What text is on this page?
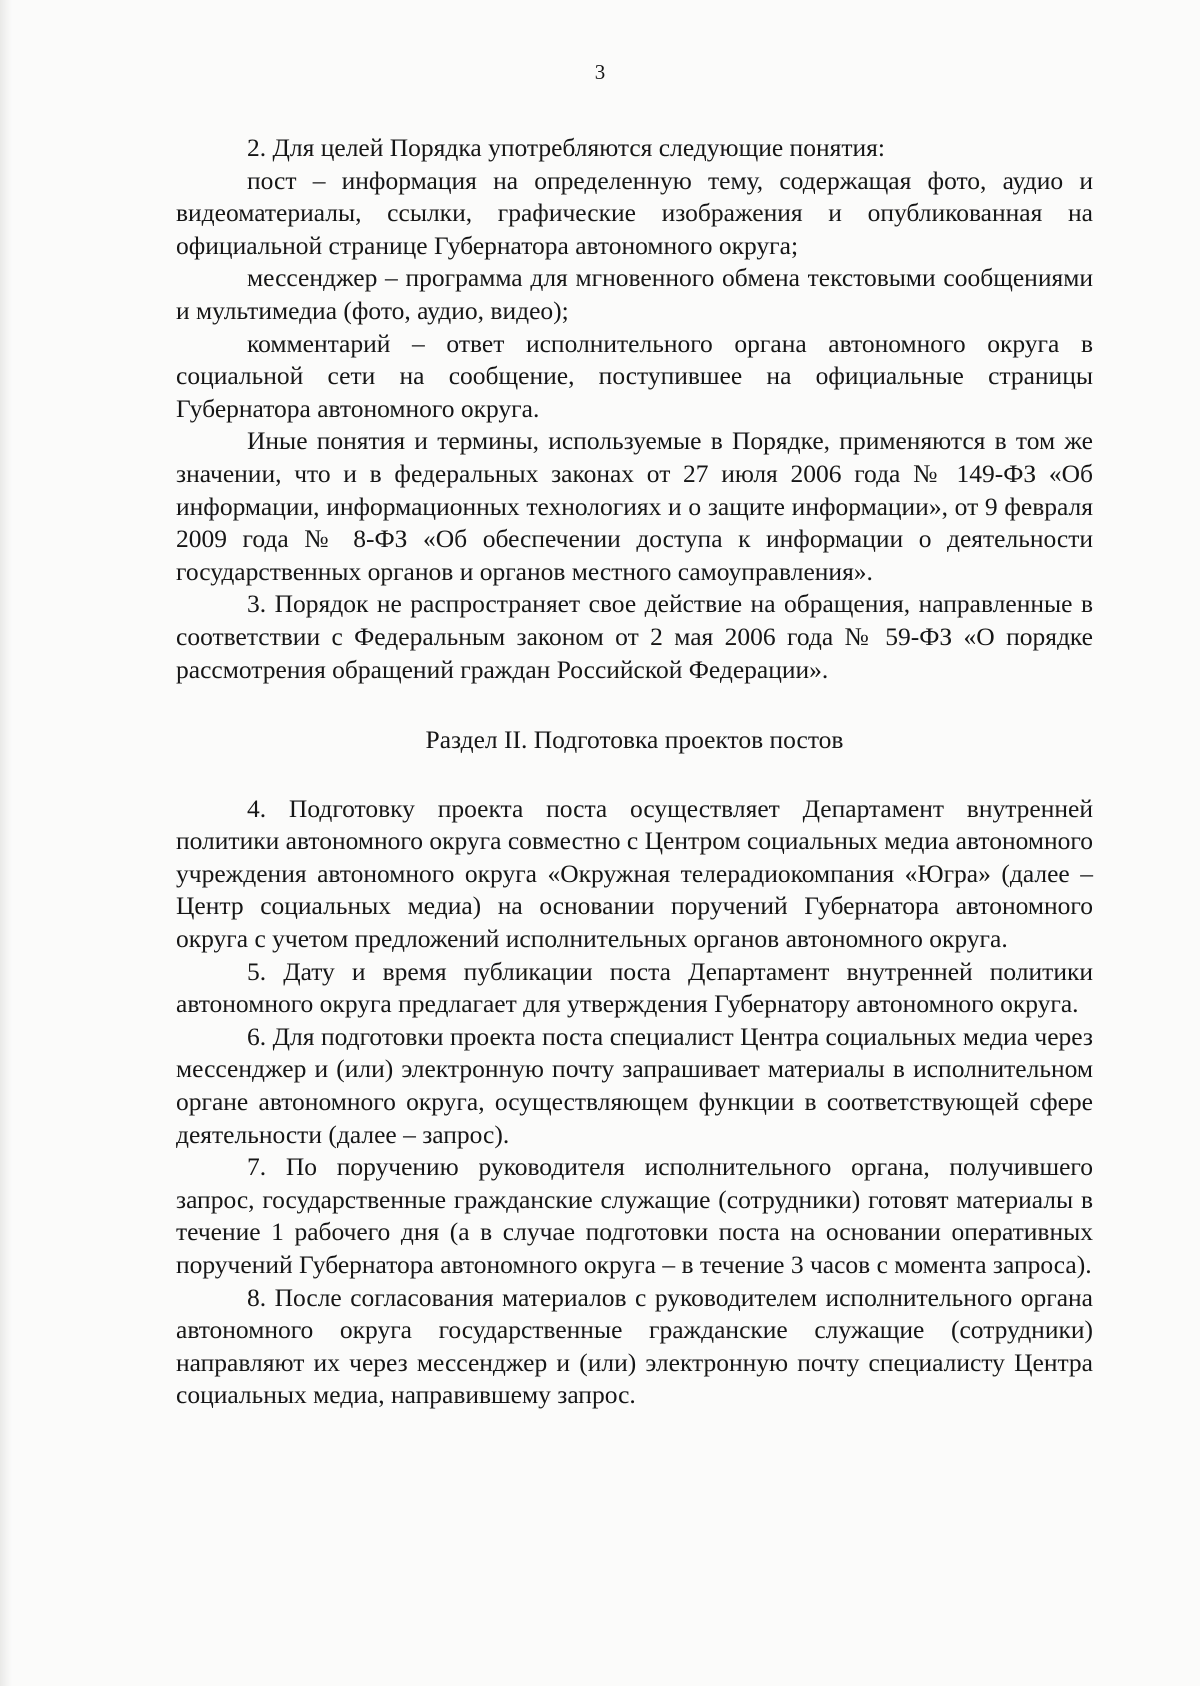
3

2. Для целей Порядка употребляются следующие понятия:

пост – информация на определенную тему, содержащая фото, аудио и видеоматериалы, ссылки, графические изображения и опубликованная на официальной странице Губернатора автономного округа;

мессенджер – программа для мгновенного обмена текстовыми сообщениями и мультимедиа (фото, аудио, видео);

комментарий – ответ исполнительного органа автономного округа в социальной сети на сообщение, поступившее на официальные страницы Губернатора автономного округа.

Иные понятия и термины, используемые в Порядке, применяются в том же значении, что и в федеральных законах от 27 июля 2006 года № 149-ФЗ «Об информации, информационных технологиях и о защите информации», от 9 февраля 2009 года № 8-ФЗ «Об обеспечении доступа к информации о деятельности государственных органов и органов местного самоуправления».

3. Порядок не распространяет свое действие на обращения, направленные в соответствии с Федеральным законом от 2 мая 2006 года № 59-ФЗ «О порядке рассмотрения обращений граждан Российской Федерации».

Раздел II. Подготовка проектов постов

4. Подготовку проекта поста осуществляет Департамент внутренней политики автономного округа совместно с Центром социальных медиа автономного учреждения автономного округа «Окружная телерадиокомпания «Югра» (далее – Центр социальных медиа) на основании поручений Губернатора автономного округа с учетом предложений исполнительных органов автономного округа.

5. Дату и время публикации поста Департамент внутренней политики автономного округа предлагает для утверждения Губернатору автономного округа.

6. Для подготовки проекта поста специалист Центра социальных медиа через мессенджер и (или) электронную почту запрашивает материалы в исполнительном органе автономного округа, осуществляющем функции в соответствующей сфере деятельности (далее – запрос).

7. По поручению руководителя исполнительного органа, получившего запрос, государственные гражданские служащие (сотрудники) готовят материалы в течение 1 рабочего дня (а в случае подготовки поста на основании оперативных поручений Губернатора автономного округа – в течение 3 часов с момента запроса).

8. После согласования материалов с руководителем исполнительного органа автономного округа государственные гражданские служащие (сотрудники) направляют их через мессенджер и (или) электронную почту специалисту Центра социальных медиа, направившему запрос.
